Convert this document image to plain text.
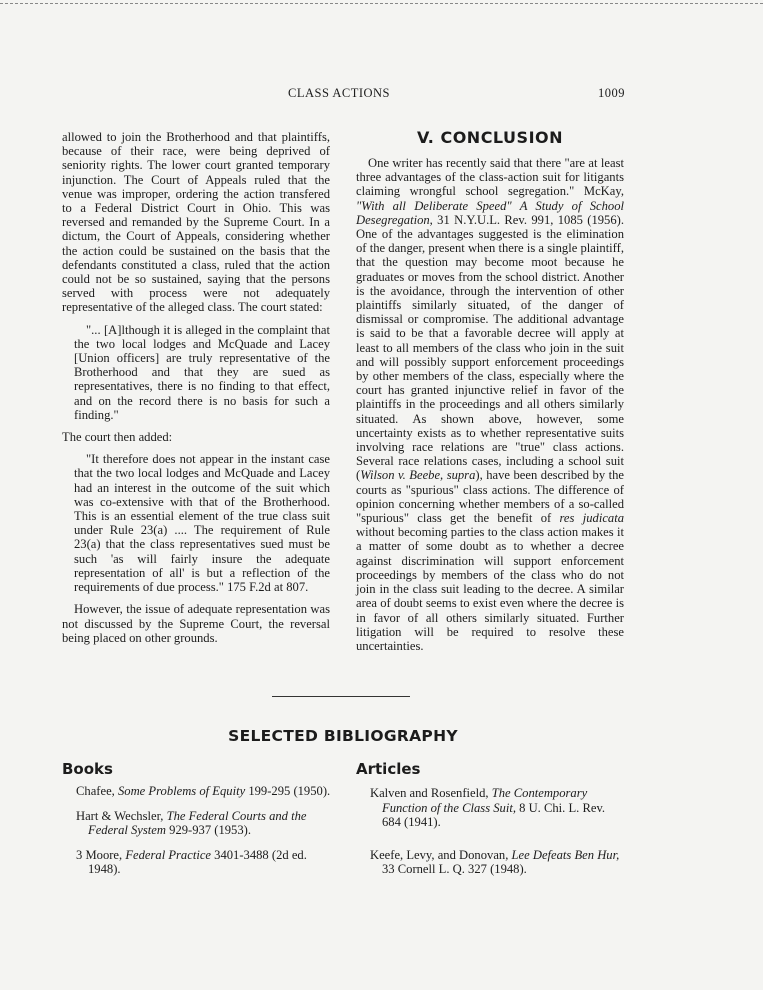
CLASS ACTIONS	1009

allowed to join the Brotherhood and that plaintiffs, because of their race, were being deprived of seniority rights. The lower court granted temporary injunction. The Court of Appeals ruled that the venue was improper, ordering the action transfered to a Federal District Court in Ohio. This was reversed and remanded by the Supreme Court. In a dictum, the Court of Appeals, considering whether the action could be sustained on the basis that the defendants constituted a class, ruled that the action could not be so sustained, saying that the persons served with process were not adequately representative of the alleged class. The court stated:

"... [A]lthough it is alleged in the complaint that the two local lodges and McQuade and Lacey [Union officers] are truly representative of the Brotherhood and that they are sued as representatives, there is no finding to that effect, and on the record there is no basis for such a finding."

The court then added:

"It therefore does not appear in the instant case that the two local lodges and McQuade and Lacey had an interest in the outcome of the suit which was co-extensive with that of the Brotherhood. This is an essential element of the true class suit under Rule 23(a) .... The requirement of Rule 23(a) that the class representatives sued must be such 'as will fairly insure the adequate representation of all' is but a reflection of the requirements of due process." 175 F.2d at 807.

However, the issue of adequate representation was not discussed by the Supreme Court, the reversal being placed on other grounds.

V. CONCLUSION

One writer has recently said that there "are at least three advantages of the class-action suit for litigants claiming wrongful school segregation." McKay, "With all Deliberate Speed" A Study of School Desegregation, 31 N.Y.U.L. Rev. 991, 1085 (1956). One of the advantages suggested is the elimination of the danger, present when there is a single plaintiff, that the question may become moot because he graduates or moves from the school district. Another is the avoidance, through the intervention of other plaintiffs similarly situated, of the danger of dismissal or compromise. The additional advantage is said to be that a favorable decree will apply at least to all members of the class who join in the suit and will possibly support enforcement proceedings by other members of the class, especially where the court has granted injunctive relief in favor of the plaintiffs in the proceedings and all others similarly situated. As shown above, however, some uncertainty exists as to whether representative suits involving race relations are "true" class actions. Several race relations cases, including a school suit (Wilson v. Beebe, supra), have been described by the courts as "spurious" class actions. The difference of opinion concerning whether members of a so-called "spurious" class get the benefit of res judicata without becoming parties to the class action makes it a matter of some doubt as to whether a decree against discrimination will support enforcement proceedings by members of the class who do not join in the class suit leading to the decree. A similar area of doubt seems to exist even where the decree is in favor of all others similarly situated. Further litigation will be required to resolve these uncertainties.

SELECTED BIBLIOGRAPHY
Books	Articles
Chafee, Some Problems of Equity 199-295 (1950).
Hart & Wechsler, The Federal Courts and the Federal System 929-937 (1953).
3 Moore, Federal Practice 3401-3488 (2d ed. 1948).
Kalven and Rosenfield, The Contemporary Function of the Class Suit, 8 U. Chi. L. Rev. 684 (1941).
Keefe, Levy, and Donovan, Lee Defeats Ben Hur, 33 Cornell L. Q. 327 (1948).
